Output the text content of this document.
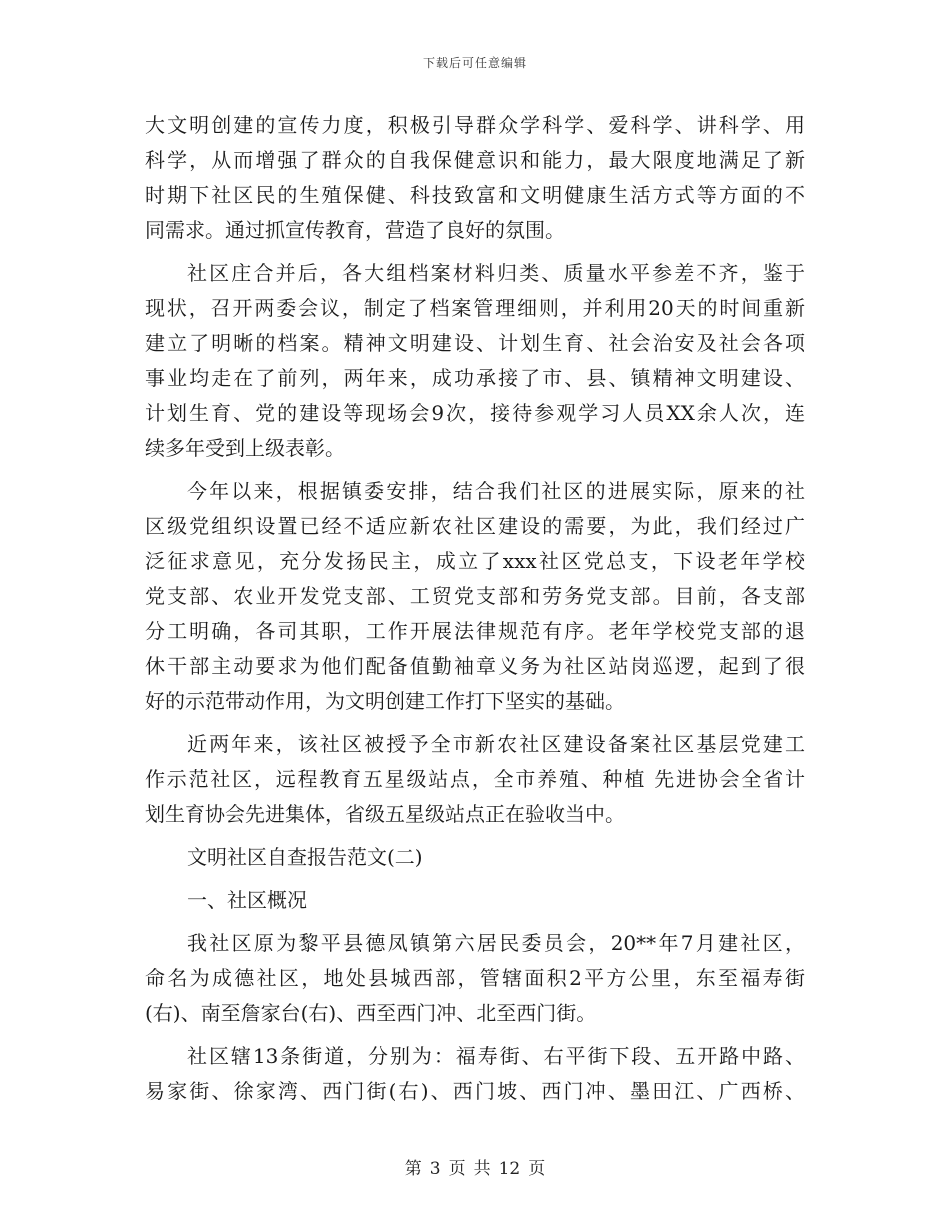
下载后可任意编辑
大文明创建的宣传力度，积极引导群众学科学、爱科学、讲科学、用
科学，从而增强了群众的自我保健意识和能力，最大限度地满足了新
时期下社区民的生殖保健、科技致富和文明健康生活方式等方面的不
同需求。通过抓宣传教育，营造了良好的氛围。
社区庄合并后，各大组档案材料归类、质量水平参差不齐，鉴于
现状，召开两委会议，制定了档案管理细则，并利用20天的时间重新
建立了明晰的档案。精神文明建设、计划生育、社会治安及社会各项
事业均走在了前列，两年来，成功承接了市、县、镇精神文明建设、
计划生育、党的建设等现场会9次，接待参观学习人员XX余人次，连
续多年受到上级表彰。
今年以来，根据镇委安排，结合我们社区的进展实际，原来的社
区级党组织设置已经不适应新农社区建设的需要，为此，我们经过广
泛征求意见，充分发扬民主，成立了xxx社区党总支，下设老年学校
党支部、农业开发党支部、工贸党支部和劳务党支部。目前，各支部
分工明确，各司其职，工作开展法律规范有序。老年学校党支部的退
休干部主动要求为他们配备值勤袖章义务为社区站岗巡逻，起到了很
好的示范带动作用，为文明创建工作打下坚实的基础。
近两年来，该社区被授予全市新农社区建设备案社区基层党建工
作示范社区，远程教育五星级站点，全市养殖、种植 先进协会全省计
划生育协会先进集体，省级五星级站点正在验收当中。
文明社区自查报告范文(二)
一、社区概况
我社区原为黎平县德凤镇第六居民委员会，20**年7月建社区，
命名为成德社区，地处县城西部，管辖面积2平方公里，东至福寿街
(右)、南至詹家台(右)、西至西门冲、北至西门街。
社区辖13条街道，分别为：福寿街、右平街下段、五开路中路、
易家街、徐家湾、西门街(右)、西门坡、西门冲、墨田江、广西桥、
第 3 页 共 12 页
